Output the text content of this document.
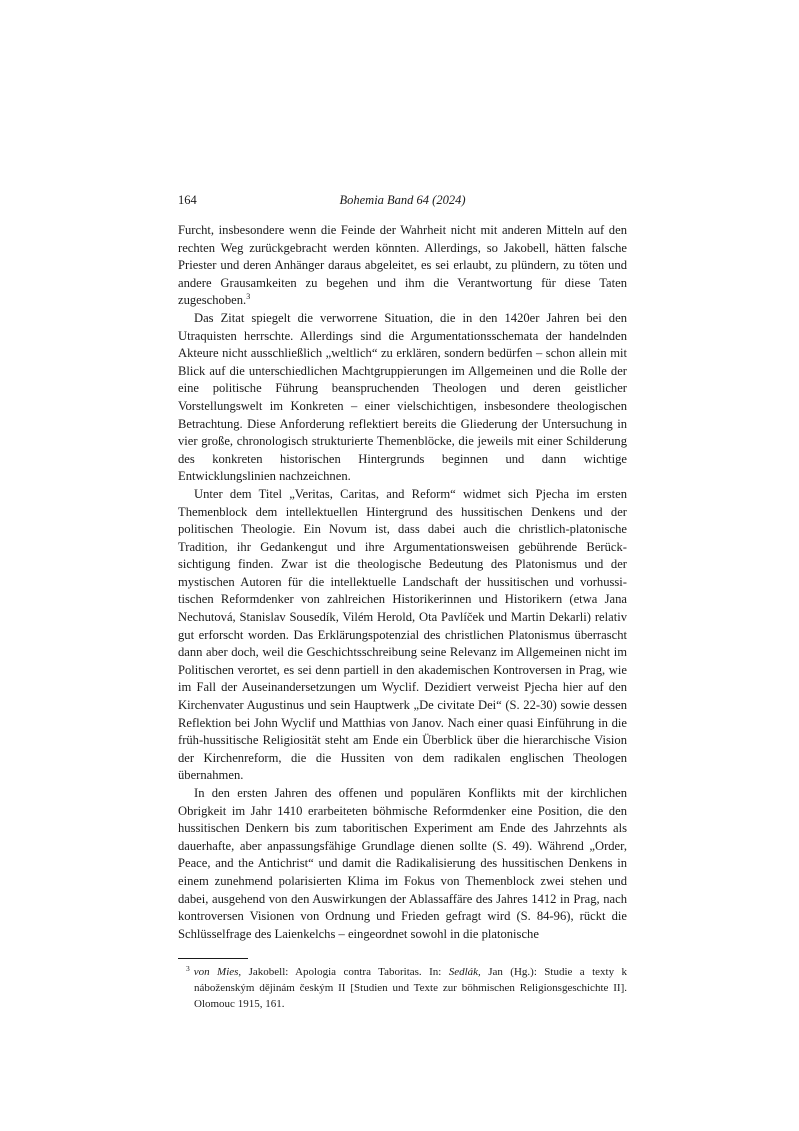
164	Bohemia Band 64 (2024)

Furcht, insbesondere wenn die Feinde der Wahrheit nicht mit anderen Mitteln auf den rechten Weg zurückgebracht werden könnten. Allerdings, so Jakobell, hätten falsche Priester und deren Anhänger daraus abgeleitet, es sei erlaubt, zu plündern, zu töten und andere Grausamkeiten zu begehen und ihm die Verantwortung für diese Taten zugeschoben.$^3$

Das Zitat spiegelt die verworrene Situation, die in den 1420er Jahren bei den Utraquisten herrschte. Allerdings sind die Argumentationsschemata der handelnden Akteure nicht ausschließlich „weltlich“ zu erklären, sondern bedürfen – schon allein mit Blick auf die unterschiedlichen Machtgruppierungen im Allgemeinen und die Rolle der eine politische Führung beanspruchenden Theologen und deren geistlicher Vorstellungswelt im Konkreten – einer vielschichtigen, insbesondere theologischen Betrachtung. Diese Anforderung reflektiert bereits die Gliederung der Untersuchung in vier große, chronologisch strukturierte Themenblöcke, die jeweils mit einer Schilderung des konkreten historischen Hintergrunds beginnen und dann wichtige Entwicklungslinien nachzeichnen.

Unter dem Titel „Veritas, Caritas, and Reform“ widmet sich Pjecha im ersten Themenblock dem intellektuellen Hintergrund des hussitischen Denkens und der politischen Theologie. Ein Novum ist, dass dabei auch die christlich-platonische Tradition, ihr Gedankengut und ihre Argumentationsweisen gebührende Berücksichtigung finden. Zwar ist die theologische Bedeutung des Platonismus und der mystischen Autoren für die intellektuelle Landschaft der hussitischen und vorhussitischen Reformdenker von zahlreichen Historikerinnen und Historikern (etwa Jana Nechutová, Stanislav Sousedík, Vilém Herold, Ota Pavlíček und Martin Dekarli) relativ gut erforscht worden. Das Erklärungspotenzial des christlichen Platonismus überrascht dann aber doch, weil die Geschichtsschreibung seine Relevanz im Allgemeinen nicht im Politischen verortet, es sei denn partiell in den akademischen Kontroversen in Prag, wie im Fall der Auseinandersetzungen um Wyclif. Dezidiert verweist Pjecha hier auf den Kirchenvater Augustinus und sein Hauptwerk „De civitate Dei“ (S. 22-30) sowie dessen Reflektion bei John Wyclif und Matthias von Janov. Nach einer quasi Einführung in die früh-hussitische Religiosität steht am Ende ein Überblick über die hierarchische Vision der Kirchenreform, die die Hussiten von dem radikalen englischen Theologen übernahmen.

In den ersten Jahren des offenen und populären Konflikts mit der kirchlichen Obrigkeit im Jahr 1410 erarbeiteten böhmische Reformdenker eine Position, die den hussitischen Denkern bis zum taboritischen Experiment am Ende des Jahrzehnts als dauerhafte, aber anpassungsfähige Grundlage dienen sollte (S. 49). Während „Order, Peace, and the Antichrist“ und damit die Radikalisierung des hussitischen Denkens in einem zunehmend polarisierten Klima im Fokus von Themenblock zwei stehen und dabei, ausgehend von den Auswirkungen der Ablassaffäre des Jahres 1412 in Prag, nach kontroversen Visionen von Ordnung und Frieden gefragt wird (S. 84-96), rückt die Schlüsselfrage des Laienkelchs – eingeordnet sowohl in die platonische

$^3$ von Mies, Jakobell: Apologia contra Taboritas. In: Sedlák, Jan (Hg.): Studie a texty k náboženským dějinám českým II [Studien und Texte zur böhmischen Religionsgeschichte II]. Olomouc 1915, 161.
